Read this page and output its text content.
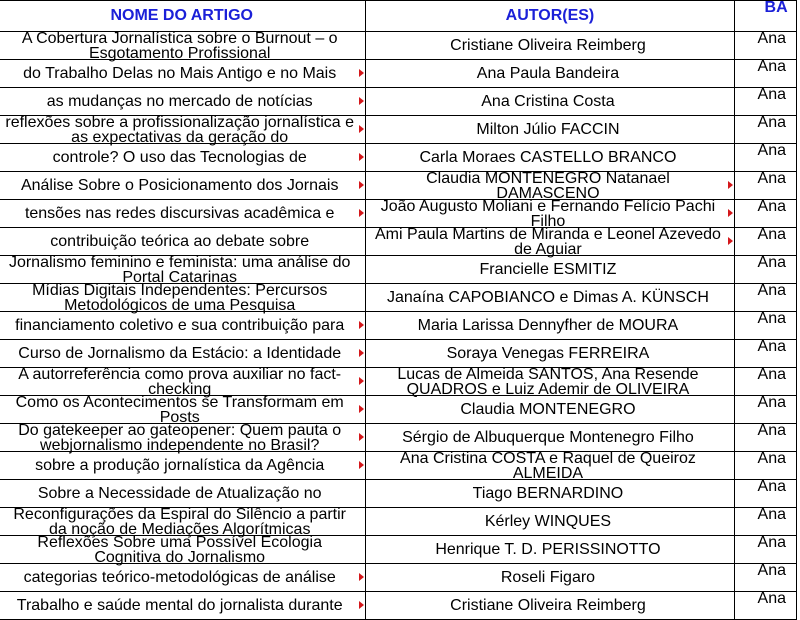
NOME DO ARTIGO	AUTOR(ES)	BA

A Cobertura Jornalística sobre o Burnout – o Esgotamento Profissional	Cristiane Oliveira Reimberg	Ana

do Trabalho Delas no Mais Antigo e no Mais	Ana Paula Bandeira	Ana

as mudanças no mercado de notícias	Ana Cristina Costa	Ana

reflexões sobre a profissionalização jornalística e as expectativas da geração do	Milton Júlio FACCIN	Ana

controle? O uso das Tecnologias de	Carla Moraes CASTELLO BRANCO	Ana

Análise Sobre o Posicionamento dos Jornais	Claudia MONTENEGRO Natanael DAMASCENO	Ana

tensões nas redes discursivas acadêmica e	João Augusto Moliani e Fernando Felício Pachi Filho	Ana

contribuição teórica ao debate sobre	Ami Paula Martins de Miranda e Leonel Azevedo de Aguiar	Ana

Jornalismo feminino e feminista: uma análise do Portal Catarinas	Francielle ESMITIZ	Ana

Mídias Digitais Independentes: Percursos Metodológicos de uma Pesquisa	Janaína CAPOBIANCO e Dimas A. KÜNSCH	Ana

financiamento coletivo e sua contribuição para	Maria Larissa Dennyfher de MOURA	Ana

Curso de Jornalismo da Estácio: a Identidade	Soraya Venegas FERREIRA	Ana

A autorreferência como prova auxiliar no fact-checking	Lucas de Almeida SANTOS, Ana Resende QUADROS e Luiz Ademir de OLIVEIRA	Ana

Como os Acontecimentos se Transformam em Posts	Claudia MONTENEGRO	Ana

Do gatekeeper ao gateopener: Quem pauta o webjornalismo independente no Brasil?	Sérgio de Albuquerque Montenegro Filho	Ana

sobre a produção jornalística da Agência	Ana Cristina COSTA e Raquel de Queiroz ALMEIDA	Ana

Sobre a Necessidade de Atualização no	Tiago BERNARDINO	Ana

Reconfigurações da Espiral do Silêncio a partir da noção de Mediações Algorítmicas	Kérley WINQUES	Ana

Reflexões Sobre uma Possível Ecologia Cognitiva do Jornalismo	Henrique T. D. PERISSINOTTO	Ana

categorias teórico-metodológicas de análise	Roseli Figaro	Ana

Trabalho e saúde mental do jornalista durante	Cristiane Oliveira Reimberg	Ana
